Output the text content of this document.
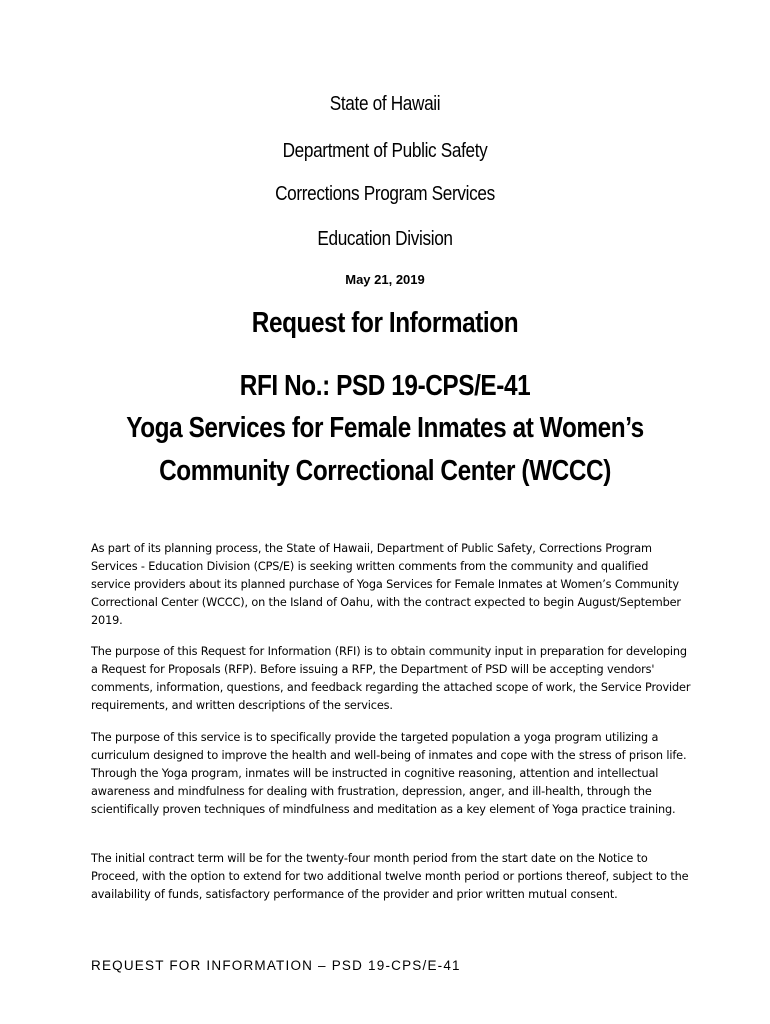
State of Hawaii
Department of Public Safety
Corrections Program Services
Education Division
May 21, 2019
Request for Information
RFI No.: PSD 19-CPS/E-41
Yoga Services for Female Inmates at Women’s
Community Correctional Center (WCCC)
As part of its planning process, the State of Hawaii, Department of Public Safety, Corrections Program Services - Education Division (CPS/E) is seeking written comments from the community and qualified service providers about its planned purchase of Yoga Services for Female Inmates at Women’s Community Correctional Center (WCCC), on the Island of Oahu, with the contract expected to begin August/September 2019.
The purpose of this Request for Information (RFI) is to obtain community input in preparation for developing a Request for Proposals (RFP). Before issuing a RFP, the Department of PSD will be accepting vendors' comments, information, questions, and feedback regarding the attached scope of work, the Service Provider requirements, and written descriptions of the services.
The purpose of this service is to specifically provide the targeted population a yoga program utilizing a curriculum designed to improve the health and well-being of inmates and cope with the stress of prison life. Through the Yoga program, inmates will be instructed in cognitive reasoning, attention and intellectual awareness and mindfulness for dealing with frustration, depression, anger, and ill-health, through the scientifically proven techniques of mindfulness and meditation as a key element of Yoga practice training.
The initial contract term will be for the twenty-four month period from the start date on the Notice to Proceed, with the option to extend for two additional twelve month period or portions thereof, subject to the availability of funds, satisfactory performance of the provider and prior written mutual consent.
REQUEST FOR INFORMATION – PSD 19-CPS/E-41
